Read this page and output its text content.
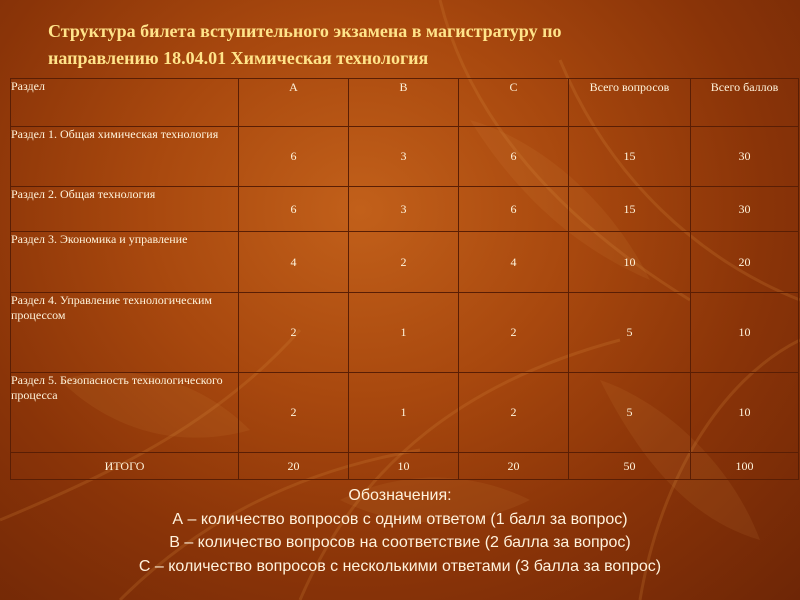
Структура билета вступительного экзамена в магистратуру по
направлению 18.04.01 Химическая технология
Раздел	A	B	C	Всего вопросов	Всего баллов
Раздел 1. Общая химическая технология	6	3	6	15	30
Раздел 2. Общая технология	6	3	6	15	30
Раздел 3. Экономика и управление	4	2	4	10	20
Раздел 4. Управление технологическим процессом	2	1	2	5	10
Раздел 5. Безопасность технологического процесса	2	1	2	5	10
ИТОГО	20	10	20	50	100
Обозначения:
А – количество вопросов с одним ответом (1 балл за вопрос)
В – количество вопросов на соответствие (2 балла за вопрос)
С – количество вопросов с несколькими ответами (3 балла за вопрос)
